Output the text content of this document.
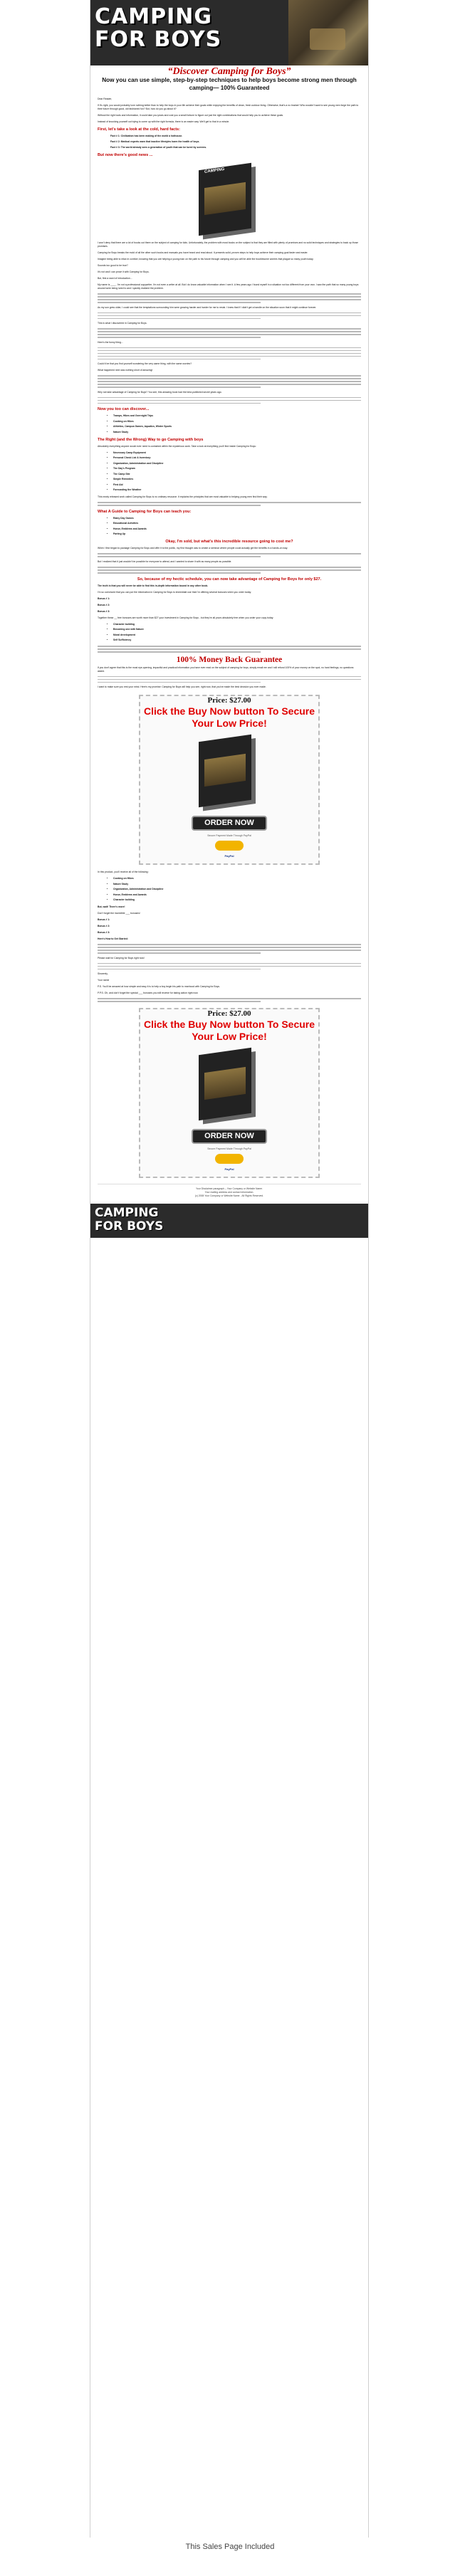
CAMPING
FOR BOYS
“Discover Camping for Boys”
Now you can use simple, step-by-step techniques to help boys become strong men through camping— 100% Guaranteed

Dear Reader,

If it's right, you would probably love nothing better than to help the boys in your life achieve their goals while enjoying the benefits of clean, fresh outdoor living. Otherwise, that's a no brainer! Who wouldn't want to see young men forge the path to their future through good, old fashioned fun? But, how do you go about it?

Without the right tools and information, it could take you years and cost you a small fortune to figure out just the right combinations that would help you to achieve these goals.

Instead of knocking yourself out trying to come up with the right formula, there is an easier way. We'll get to that in a minute.

First, let's take a look at the cold, hard facts:
Fact # 1: Civilization has been making of the world a hothouse.
Fact # 2: Medical experts warn that inactive lifestyles harm the health of boys.
Fact # 3: The world already sees a generation of youth that can be lured by screens.
But now there's good news ...
CAMPING

I won't deny that there are a lot of books out there on the subject of camping for kids. Unfortunately, the problem with most books on the subject is that they are filled with plenty of promises and no solid techniques and strategies to back up those promises.

Camping for Boys breaks the mold of all the other such books and manuals you have heard and read about. It presents solid, proven steps to help boys achieve their camping goal faster and easier.

Imagine being able to relax in comfort, knowing that you are helping a young man on the path to his future through camping and you will be able the troublesome worries that plague so many youth today.

Sounds too good to be true?

It's not and I can prove it with Camping for Boys.

But, first a word of introduction...

My name is ____. I'm not a professional copywriter. I'm not even a writer at all. But I do know valuable information when I see it. A few years ago I found myself in a situation not too different from your own. I saw the path that so many young boys around were being lured to and I quickly realized the problem.

As my son grew older, I could see that the temptations surrounding him were growing harder and harder for me to resist. I knew that if I didn't get a handle on the situation soon that it might continue forever.

This is what I discovered in Camping for Boys.

Here's the funny thing...

Could it be that you find yourself wondering the very same thing, with the same worries?

What happened next was nothing short of amazing!

Why not take advantage of Camping for Boys? You see, this amazing book had the best-published secret years ago.

Now you too can discover...
• Tramps, Hikes and Overnight Trips
• Cooking on Hikes
• Athletics, Campus Games, Aquatics, Winter Sports
• Nature Study
The Right (and the Wrong) Way to go Camping with boys

Absolutely everything anyone would ever need is contained within the mysterious work. Take a look at everything you'll find inside Camping for Boys:

• Necessary Camp Equipment
• Personal Check List & Inventory:
• Organization, Administration and Discipline
• The Day's Program
• The Camp Site
• Simple Remedies
• First Aid
• Forecasting the Weather

This newly released work called Camping for Boys is no ordinary resource. It explains the principles that are most valuable to helping young men find their way.

What A Guide to Camping for Boys can teach you:
• Rainy Day Games
• Educational Activities
• Honor, Emblems and Awards
• Parting Up
Okay, I'm sold, but what's this incredible resource going to cost me?

When I first began to package Camping for Boys and offer it to the public, my first thought was to create a seminar where people could actually get the benefits in a hands-on way.

But I realized that it just wouldn't be possible for everyone to attend, and I wanted to share it with as many people as possible.

So, because of my hectic schedule, you can now take advantage of Camping for Boys for only $27.

The truth is that you will never be able to find this in-depth information bound in any other book.

I'm so convinced that you can put the information in Camping for Boys to immediate use that I'm offering several bonuses when you order today:

Bonus # 1:

Bonus # 2:

Bonus # 3:

Together these __ free bonuses are worth more than $27 your investment in Camping for Boys - but they're all yours absolutely free when you order your copy today.

• Character building
• Becoming one with Nature
• Moral development
• Self Sufficiency
100% Money Back Guarantee

If you don't agree that this is the most eye-opening, impactful and practical information you have ever read on the subject of camping for boys, simply email me and I will refund 100% of your money on the spot, no hard feelings, no questions asked.

I want to make sure you rest your mind. Here's my promise: Camping for Boys will help you see, right now, that you've made the best decision you ever made.

Price: $27.00
Click the Buy Now button To Secure Your Low Price!
ORDER NOW
Secure Payment Made Through PayPal
PayPal

In this product, you'll receive all of the following:

• Cooking on Hikes
• Nature Study
• Organization, Administration and Discipline
• Honor, Emblems and Awards
• Character building

But, wait! There's more!

Don't forget the incredible ___ bonuses!

Bonus # 1:

Bonus # 2:

Bonus # 3:

Here's How to Get Started:

Please wait for Camping for Boys right now!

Sincerely,

Your name

P.S. You'll be amazed at how simple and easy it is to help a boy begin his path to manhood with Camping for Boys.

P.P.S. Oh, and don't forget the special ___ bonuses you will receive for taking action right now.

Price: $27.00
Click the Buy Now button To Secure Your Low Price!
ORDER NOW
Secure Payment Made Through PayPal
PayPal
Your Disclaimer paragraph – Your Company or Website Name.
Your mailing address and contact information.
(c) 2008 Your Company or Website Name - All Rights Reserved.
CAMPING
FOR BOYS
This Sales Page Included
